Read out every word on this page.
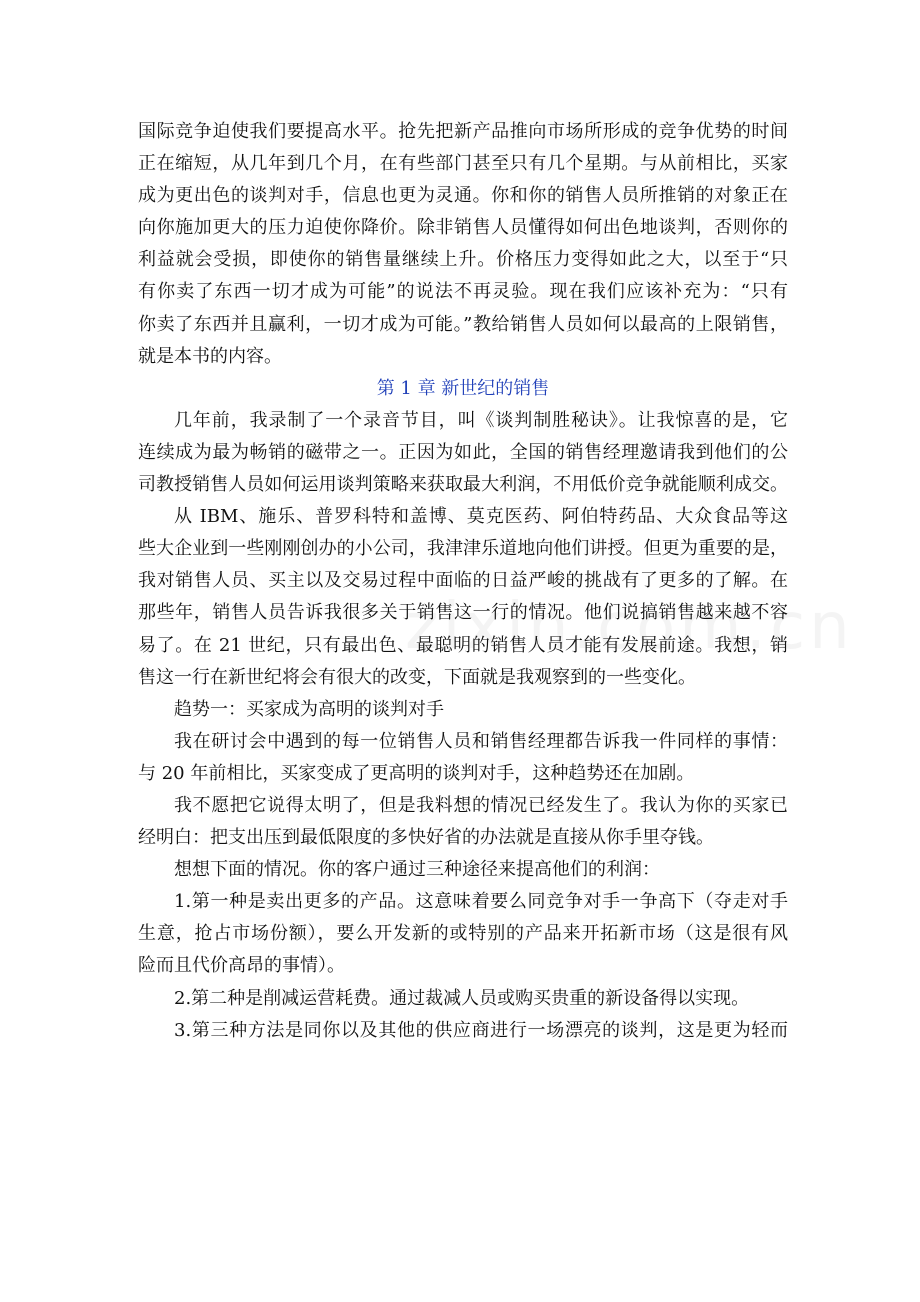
国际竞争迫使我们要提高水平。抢先把新产品推向市场所形成的竞争优势的时间
正在缩短，从几年到几个月，在有些部门甚至只有几个星期。与从前相比，买家
成为更出色的谈判对手，信息也更为灵通。你和你的销售人员所推销的对象正在
向你施加更大的压力迫使你降价。除非销售人员懂得如何出色地谈判，否则你的
利益就会受损，即使你的销售量继续上升。价格压力变得如此之大，以至于“只
有你卖了东西一切才成为可能”的说法不再灵验。现在我们应该补充为：“只有
你卖了东西并且赢利，一切才成为可能。”教给销售人员如何以最高的上限销售，
就是本书的内容。
第 1 章 新世纪的销售
几年前，我录制了一个录音节目，叫《谈判制胜秘诀》。让我惊喜的是，它
连续成为最为畅销的磁带之一。正因为如此，全国的销售经理邀请我到他们的公
司教授销售人员如何运用谈判策略来获取最大利润，不用低价竞争就能顺利成交。
从 IBM、施乐、普罗科特和盖博、莫克医药、阿伯特药品、大众食品等这
些大企业到一些刚刚创办的小公司，我津津乐道地向他们讲授。但更为重要的是，
我对销售人员、买主以及交易过程中面临的日益严峻的挑战有了更多的了解。在
那些年，销售人员告诉我很多关于销售这一行的情况。他们说搞销售越来越不容
易了。在 21 世纪，只有最出色、最聪明的销售人员才能有发展前途。我想，销
售这一行在新世纪将会有很大的改变，下面就是我观察到的一些变化。
趋势一：买家成为高明的谈判对手
我在研讨会中遇到的每一位销售人员和销售经理都告诉我一件同样的事情：
与 20 年前相比，买家变成了更高明的谈判对手，这种趋势还在加剧。
我不愿把它说得太明了，但是我料想的情况已经发生了。我认为你的买家已
经明白：把支出压到最低限度的多快好省的办法就是直接从你手里夺钱。
想想下面的情况。你的客户通过三种途径来提高他们的利润：
1.第一种是卖出更多的产品。这意味着要么同竞争对手一争高下（夺走对手
生意，抢占市场份额），要么开发新的或特别的产品来开拓新市场（这是很有风
险而且代价高昂的事情）。
2.第二种是削减运营耗费。通过裁减人员或购买贵重的新设备得以实现。
3.第三种方法是同你以及其他的供应商进行一场漂亮的谈判，这是更为轻而
